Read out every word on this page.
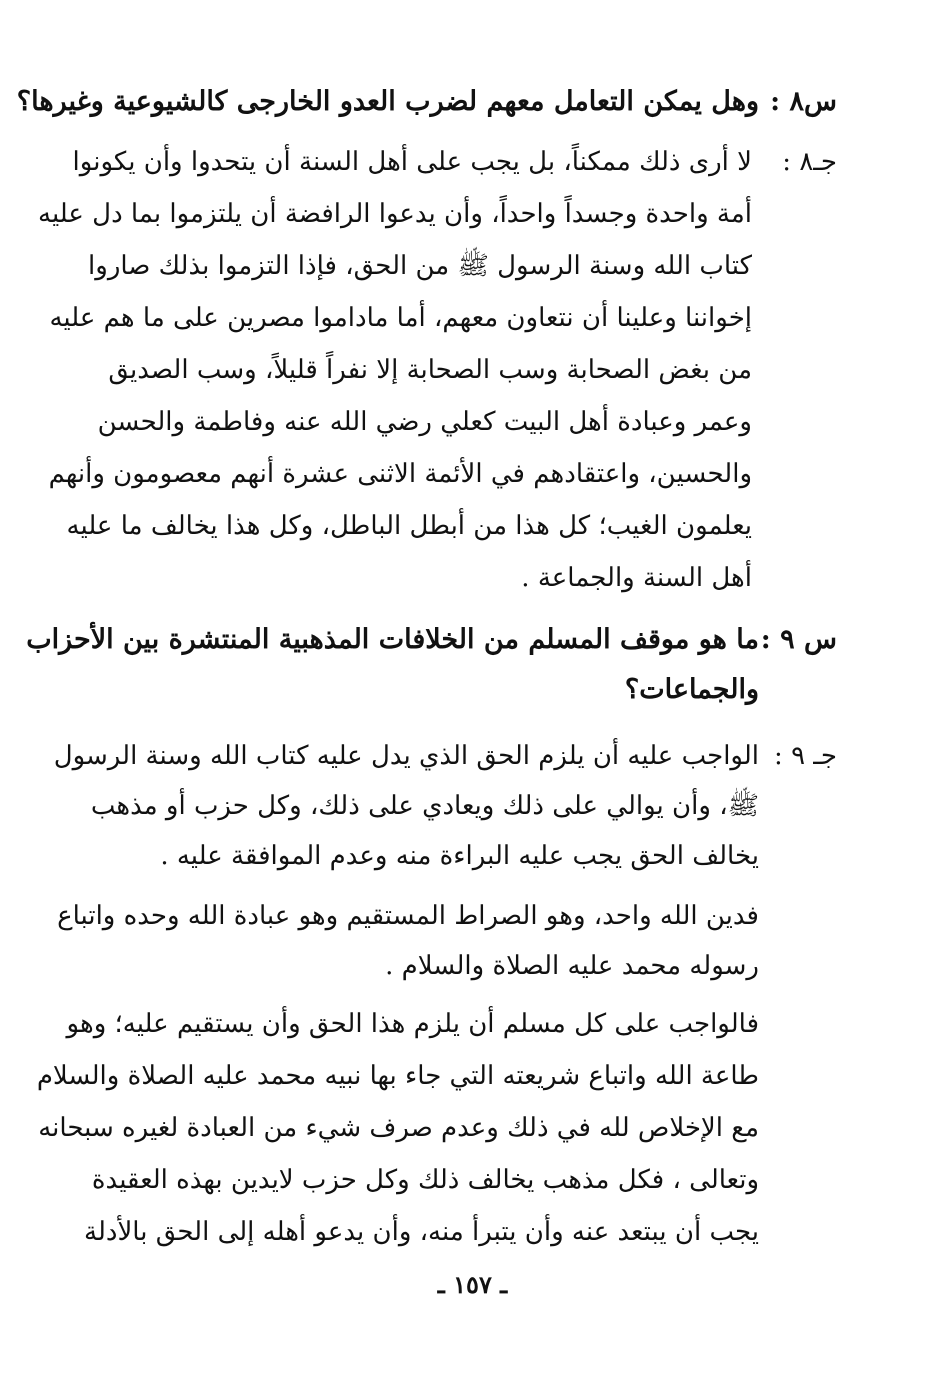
س٨ :
وهل يمكن التعامل معهم لضرب العدو الخارجى كالشيوعية وغيرها؟
جـ٨ :
لا أرى ذلك ممكناً، بل يجب على أهل السنة أن يتحدوا وأن يكونوا
أمة واحدة وجسداً واحداً، وأن يدعوا الرافضة أن يلتزموا بما دل عليه
كتاب الله وسنة الرسول ﷺ من الحق، فإذا التزموا بذلك صاروا
إخواننا وعلينا أن نتعاون معهم، أما ماداموا مصرين على ما هم عليه
من بغض الصحابة وسب الصحابة إلا نفراً قليلاً، وسب الصديق
وعمر وعبادة أهل البيت كعلي رضي الله عنه وفاطمة والحسن
والحسين، واعتقادهم في الأئمة الاثنى عشرة أنهم معصومون وأنهم
يعلمون الغيب؛ كل هذا من أبطل الباطل، وكل هذا يخالف ما عليه
أهل السنة والجماعة .
س ٩ :
ما هو موقف المسلم من الخلافات المذهبية المنتشرة بين الأحزاب
والجماعات؟
جـ ٩ :
الواجب عليه أن يلزم الحق الذي يدل عليه كتاب الله وسنة الرسول
ﷺ، وأن يوالي على ذلك ويعادي على ذلك، وكل حزب أو مذهب
يخالف الحق يجب عليه البراءة منه وعدم الموافقة عليه .
فدين الله واحد، وهو الصراط المستقيم وهو عبادة الله وحده واتباع
رسوله محمد عليه الصلاة والسلام .
فالواجب على كل مسلم أن يلزم هذا الحق وأن يستقيم عليه؛ وهو
طاعة الله واتباع شريعته التي جاء بها نبيه محمد عليه الصلاة والسلام
مع الإخلاص لله في ذلك وعدم صرف شيء من العبادة لغيره سبحانه
وتعالى ، فكل مذهب يخالف ذلك وكل حزب لايدين بهذه العقيدة
يجب أن يبتعد عنه وأن يتبرأ منه، وأن يدعو أهله إلى الحق بالأدلة
ـ ١٥٧ ـ
